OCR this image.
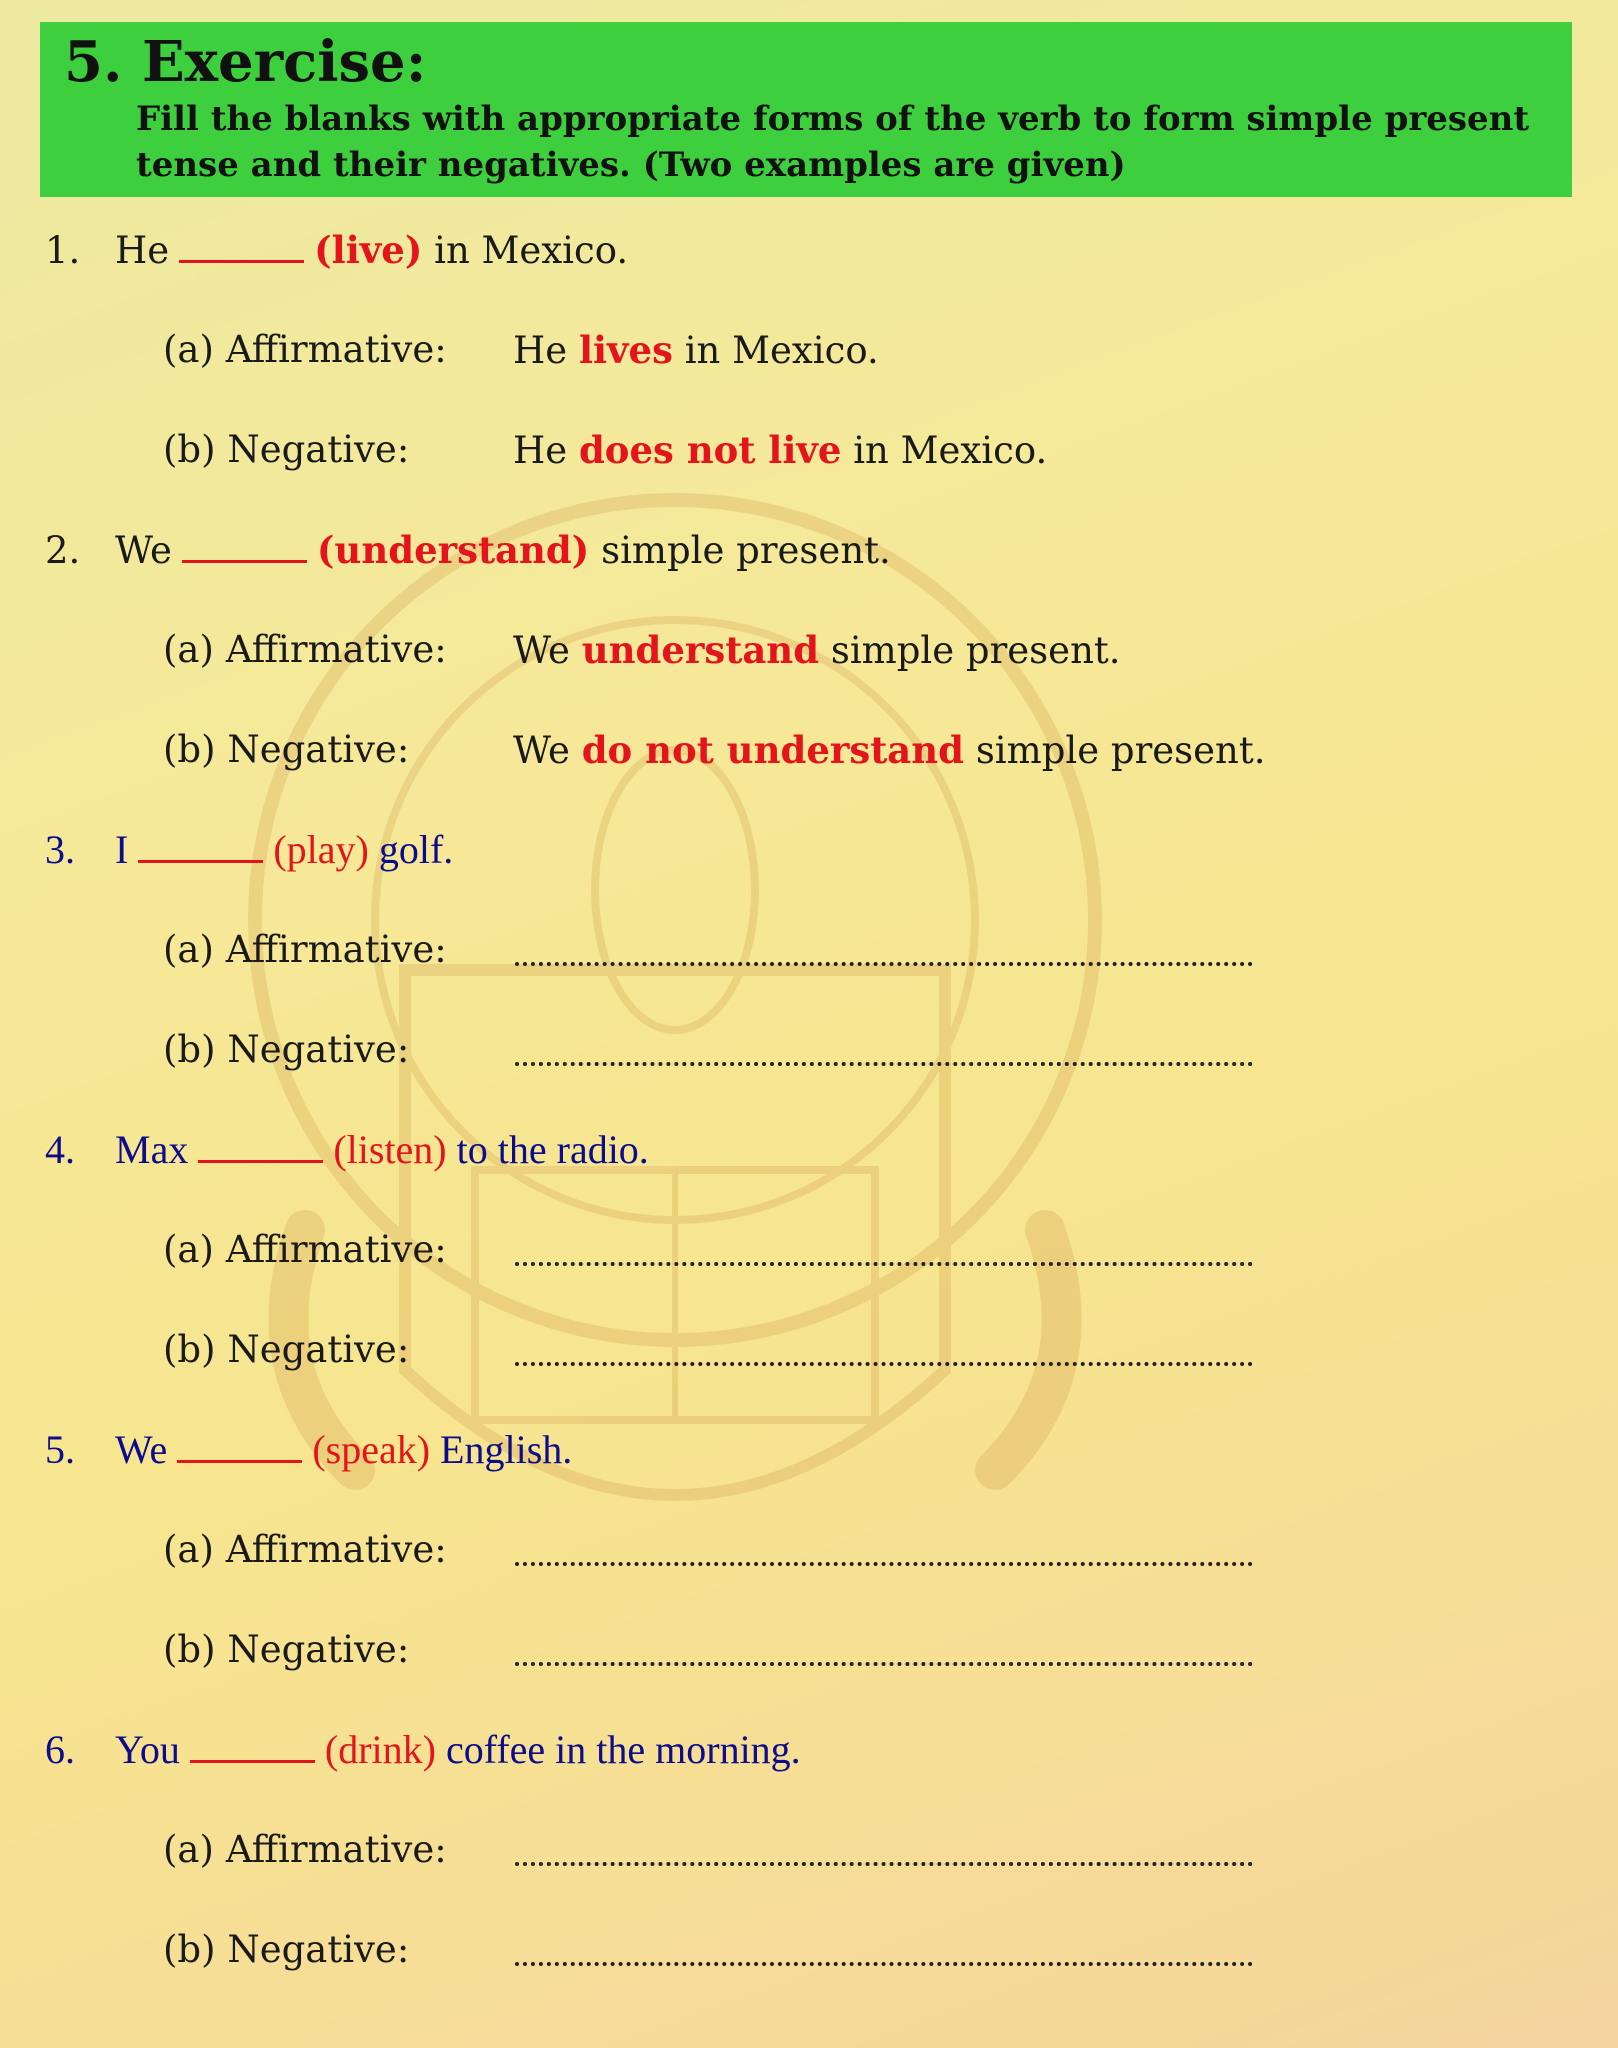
5. Exercise:

Fill the blanks with appropriate forms of the verb to form simple present tense and their negatives. (Two examples are given)

1. He	(live) in Mexico.
(a) Affirmative: He lives in Mexico.
(b) Negative:	He does not live in Mexico.
2. We	(understand) simple present.
(a) Affirmative: We understand simple present.
(b) Negative:	We do not understand simple present.
3. I	(play) golf.
(a) Affirmative:
(b) Negative:
4. Max	(listen) to the radio.
(a) Affirmative:
(b) Negative:
5. We	(speak) English.
(a) Affirmative:
(b) Negative:
6. You	(drink) coffee in the morning.
(a) Affirmative:
(b) Negative:
